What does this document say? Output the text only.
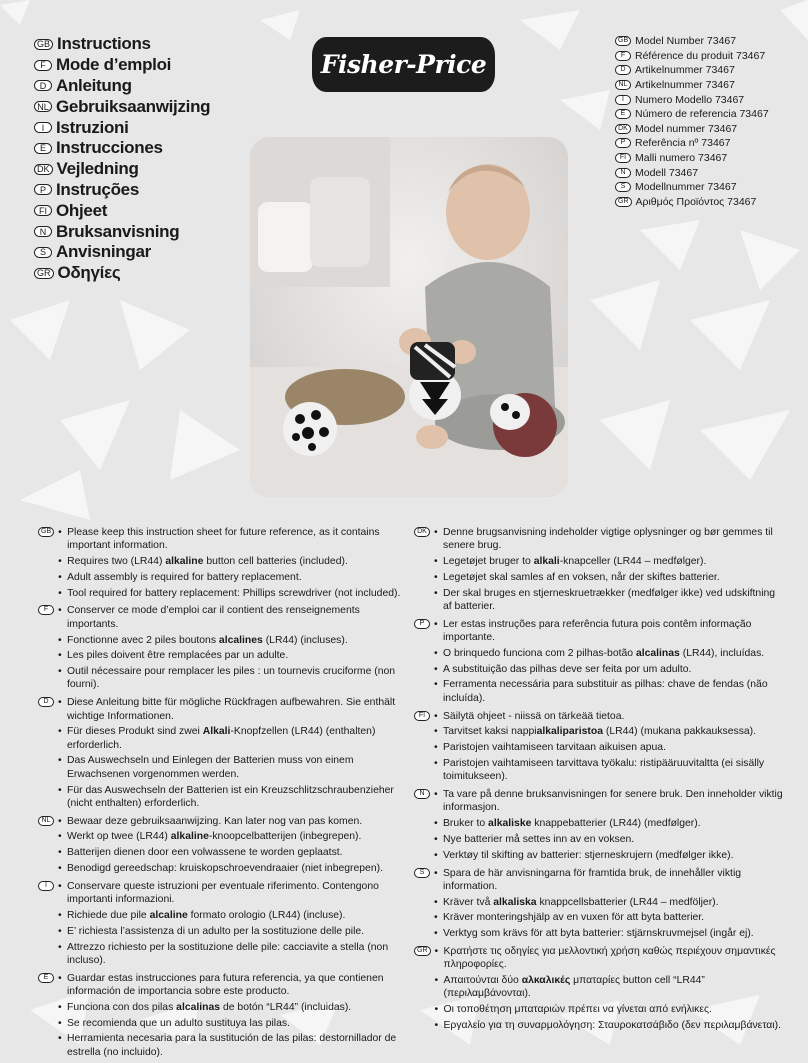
GB Instructions
F Mode d’emploi
D Anleitung
NL Gebruiksaanwijzing
I Istruzioni
E Instrucciones
DK Vejledning
P Instruções
FI Ohjeet
N Bruksanvisning
S Anvisningar
GR Οδηγίες
Fisher-Price
GB Model Number 73467
F Référence du produit 73467
D Artikelnummer 73467
NL Artikelnummer 73467
I	Numero Modello 73467
E Número de referencia 73467
DK Model nummer 73467
P Referência nº 73467
FI Malli numero 73467
N Modell 73467
S Modellnummer 73467
GR Αριθμός Προϊόντος 73467
GB	• Please keep this instruction sheet for future reference, as it contains important information.
• Requires two (LR44) alkaline button cell batteries (included).
• Adult assembly is required for battery replacement.
• Tool required for battery replacement: Phillips screwdriver (not included).
F	• Conserver ce mode d’emploi car il contient des renseignements importants.
• Fonctionne avec 2 piles boutons alcalines (LR44) (incluses).
• Les piles doivent être remplacées par un adulte.
• Outil nécessaire pour remplacer les piles : un tournevis cruciforme (non fourni).
D	• Diese Anleitung bitte für mögliche Rückfragen aufbewahren. Sie enthält wichtige Informationen.
• Für dieses Produkt sind zwei Alkali-Knopfzellen (LR44) (enthalten) erforderlich.
• Das Auswechseln und Einlegen der Batterien muss von einem Erwachsenen vorgenommen werden.
• Für das Auswechseln der Batterien ist ein Kreuzschlitzschraubenzieher (nicht enthalten) erforderlich.
NL	• Bewaar deze gebruiksaanwijzing. Kan later nog van pas komen.
• Werkt op twee (LR44) alkaline-knoopcelbatterijen (inbegrepen).
• Batterijen dienen door een volwassene te worden geplaatst.
• Benodigd gereedschap: kruiskopschroevendraaier (niet inbegrepen).
I	• Conservare queste istruzioni per eventuale riferimento. Contengono importanti informazioni.
• Richiede due pile alcaline formato orologio (LR44) (incluse).
• E’ richiesta l’assistenza di un adulto per la sostituzione delle pile.
• Attrezzo richiesto per la sostituzione delle pile: cacciavite a stella (non incluso).
E	• Guardar estas instrucciones para futura referencia, ya que contienen información de importancia sobre este producto.
• Funciona con dos pilas alcalinas de botón “LR44” (incluidas).
• Se recomienda que un adulto sustituya las pilas.
• Herramienta necesaria para la sustitución de las pilas: destornillador de estrella (no incluido).
DK	• Denne brugsanvisning indeholder vigtige oplysninger og bør gemmes til senere brug.
• Legetøjet bruger to alkali-knapceller (LR44 – medfølger).
• Legetøjet skal samles af en voksen, når der skiftes batterier.
• Der skal bruges en stjerneskruetrækker (medfølger ikke) ved udskiftning af batterier.
P	• Ler estas instruções para referência futura pois contêm informação importante.
• O brinquedo funciona com 2 pilhas-botão alcalinas (LR44), incluídas.
• A substituição das pilhas deve ser feita por um adulto.
• Ferramenta necessária para substituir as pilhas: chave de fendas (não incluída).
FI	• Säilytä ohjeet - niissä on tärkeää tietoa.
• Tarvitset kaksi nappialkaliparistoa (LR44) (mukana pakkauksessa).
• Paristojen vaihtamiseen tarvitaan aikuisen apua.
• Paristojen vaihtamiseen tarvittava työkalu: ristipääruuvitaltta (ei sisälly toimitukseen).
N	• Ta vare på denne bruksanvisningen for senere bruk. Den inneholder viktig informasjon.
• Bruker to alkaliske knappebatterier (LR44) (medfølger).
• Nye batterier må settes inn av en voksen.
• Verktøy til skifting av batterier: stjerneskrujern (medfølger ikke).
S	• Spara de här anvisningarna för framtida bruk, de innehåller viktig information.
• Kräver två alkaliska knappcellsbatterier (LR44 – medföljer).
• Kräver monteringshjälp av en vuxen för att byta batterier.
• Verktyg som krävs för att byta batterier: stjärnskruvmejsel (ingår ej).
GR	• Κρατήστε τις οδηγίες για μελλοντική χρήση καθώς περιέχουν σημαντικές πληροφορίες.
• Απαιτούνται δύο αλκαλικές μπαταρίες button cell “LR44” (περιλαμβάνονται).
• Οι τοποθέτηση μπαταριών πρέπει να γίνεται από ενήλικες.
• Εργαλείο για τη συναρμολόγηση: Σταυροκατσάβιδο (δεν περιλαμβάνεται).
